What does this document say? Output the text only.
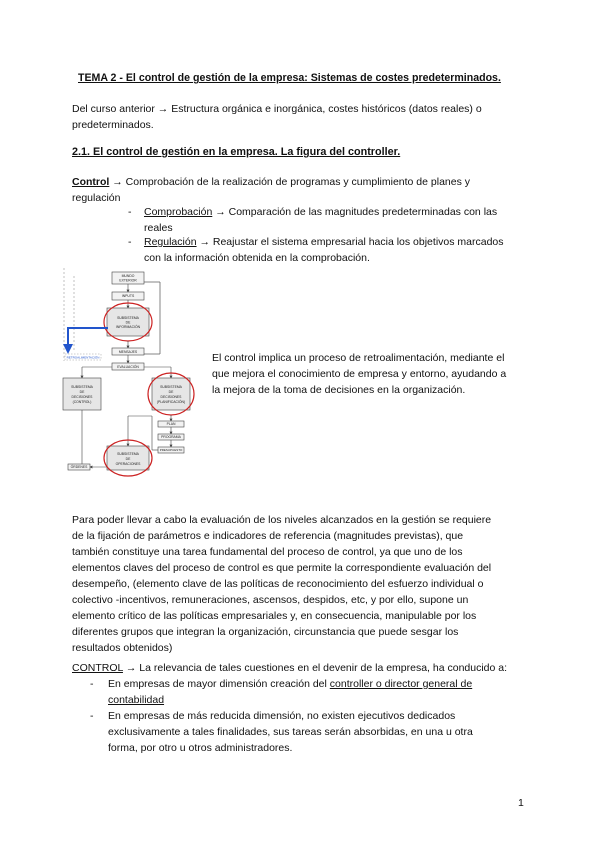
TEMA 2 - El control de gestión de la empresa: Sistemas de costes predeterminados.
Del curso anterior → Estructura orgánica e inorgánica, costes históricos (datos reales) o
predeterminados.
2.1. El control de gestión en la empresa. La figura del controller.
Control → Comprobación de la realización de programas y cumplimiento de planes y
regulación
- Comprobación → Comparación de las magnitudes predeterminadas con las
reales
- Regulación → Reajustar el sistema empresarial hacia los objetivos marcados
con la información obtenida en la comprobación.
MUNDO
EXTERIOR
INPUTS
SUBSISTEMA
DE
INFORMACIÓN
MENSAJES
EVALUACIÓN
RETROALIMENTACIÓN
SUBSISTEMA
DE
DECISIONES
(CONTROL)
SUBSISTEMA
DE
DECISIONES
(PLANIFICACIÓN)
PLAN
PROGRAMA
PRESUPUESTO
SUBSISTEMA
DE
OPERACIONES
ÓRDENES
El control implica un proceso de retroalimentación, mediante el
que mejora el conocimiento de empresa y entorno, ayudando a
la mejora de la toma de decisiones en la organización.
Para poder llevar a cabo la evaluación de los niveles alcanzados en la gestión se requiere
de la fijación de parámetros e indicadores de referencia (magnitudes previstas), que
también constituye una tarea fundamental del proceso de control, ya que uno de los
elementos claves del proceso de control es que permite la correspondiente evaluación del
desempeño, (elemento clave de las políticas de reconocimiento del esfuerzo individual o
colectivo -incentivos, remuneraciones, ascensos, despidos, etc, y por ello, supone un
elemento crítico de las políticas empresariales y, en consecuencia, manipulable por los
diferentes grupos que integran la organización, circunstancia que puede sesgar los
resultados obtenidos)
CONTROL → La relevancia de tales cuestiones en el devenir de la empresa, ha conducido a:
- En empresas de mayor dimensión creación del controller o director general de
contabilidad
- En empresas de más reducida dimensión, no existen ejecutivos dedicados
exclusivamente a tales finalidades, sus tareas serán absorbidas, en una u otra
forma, por otro u otros administradores.
1
